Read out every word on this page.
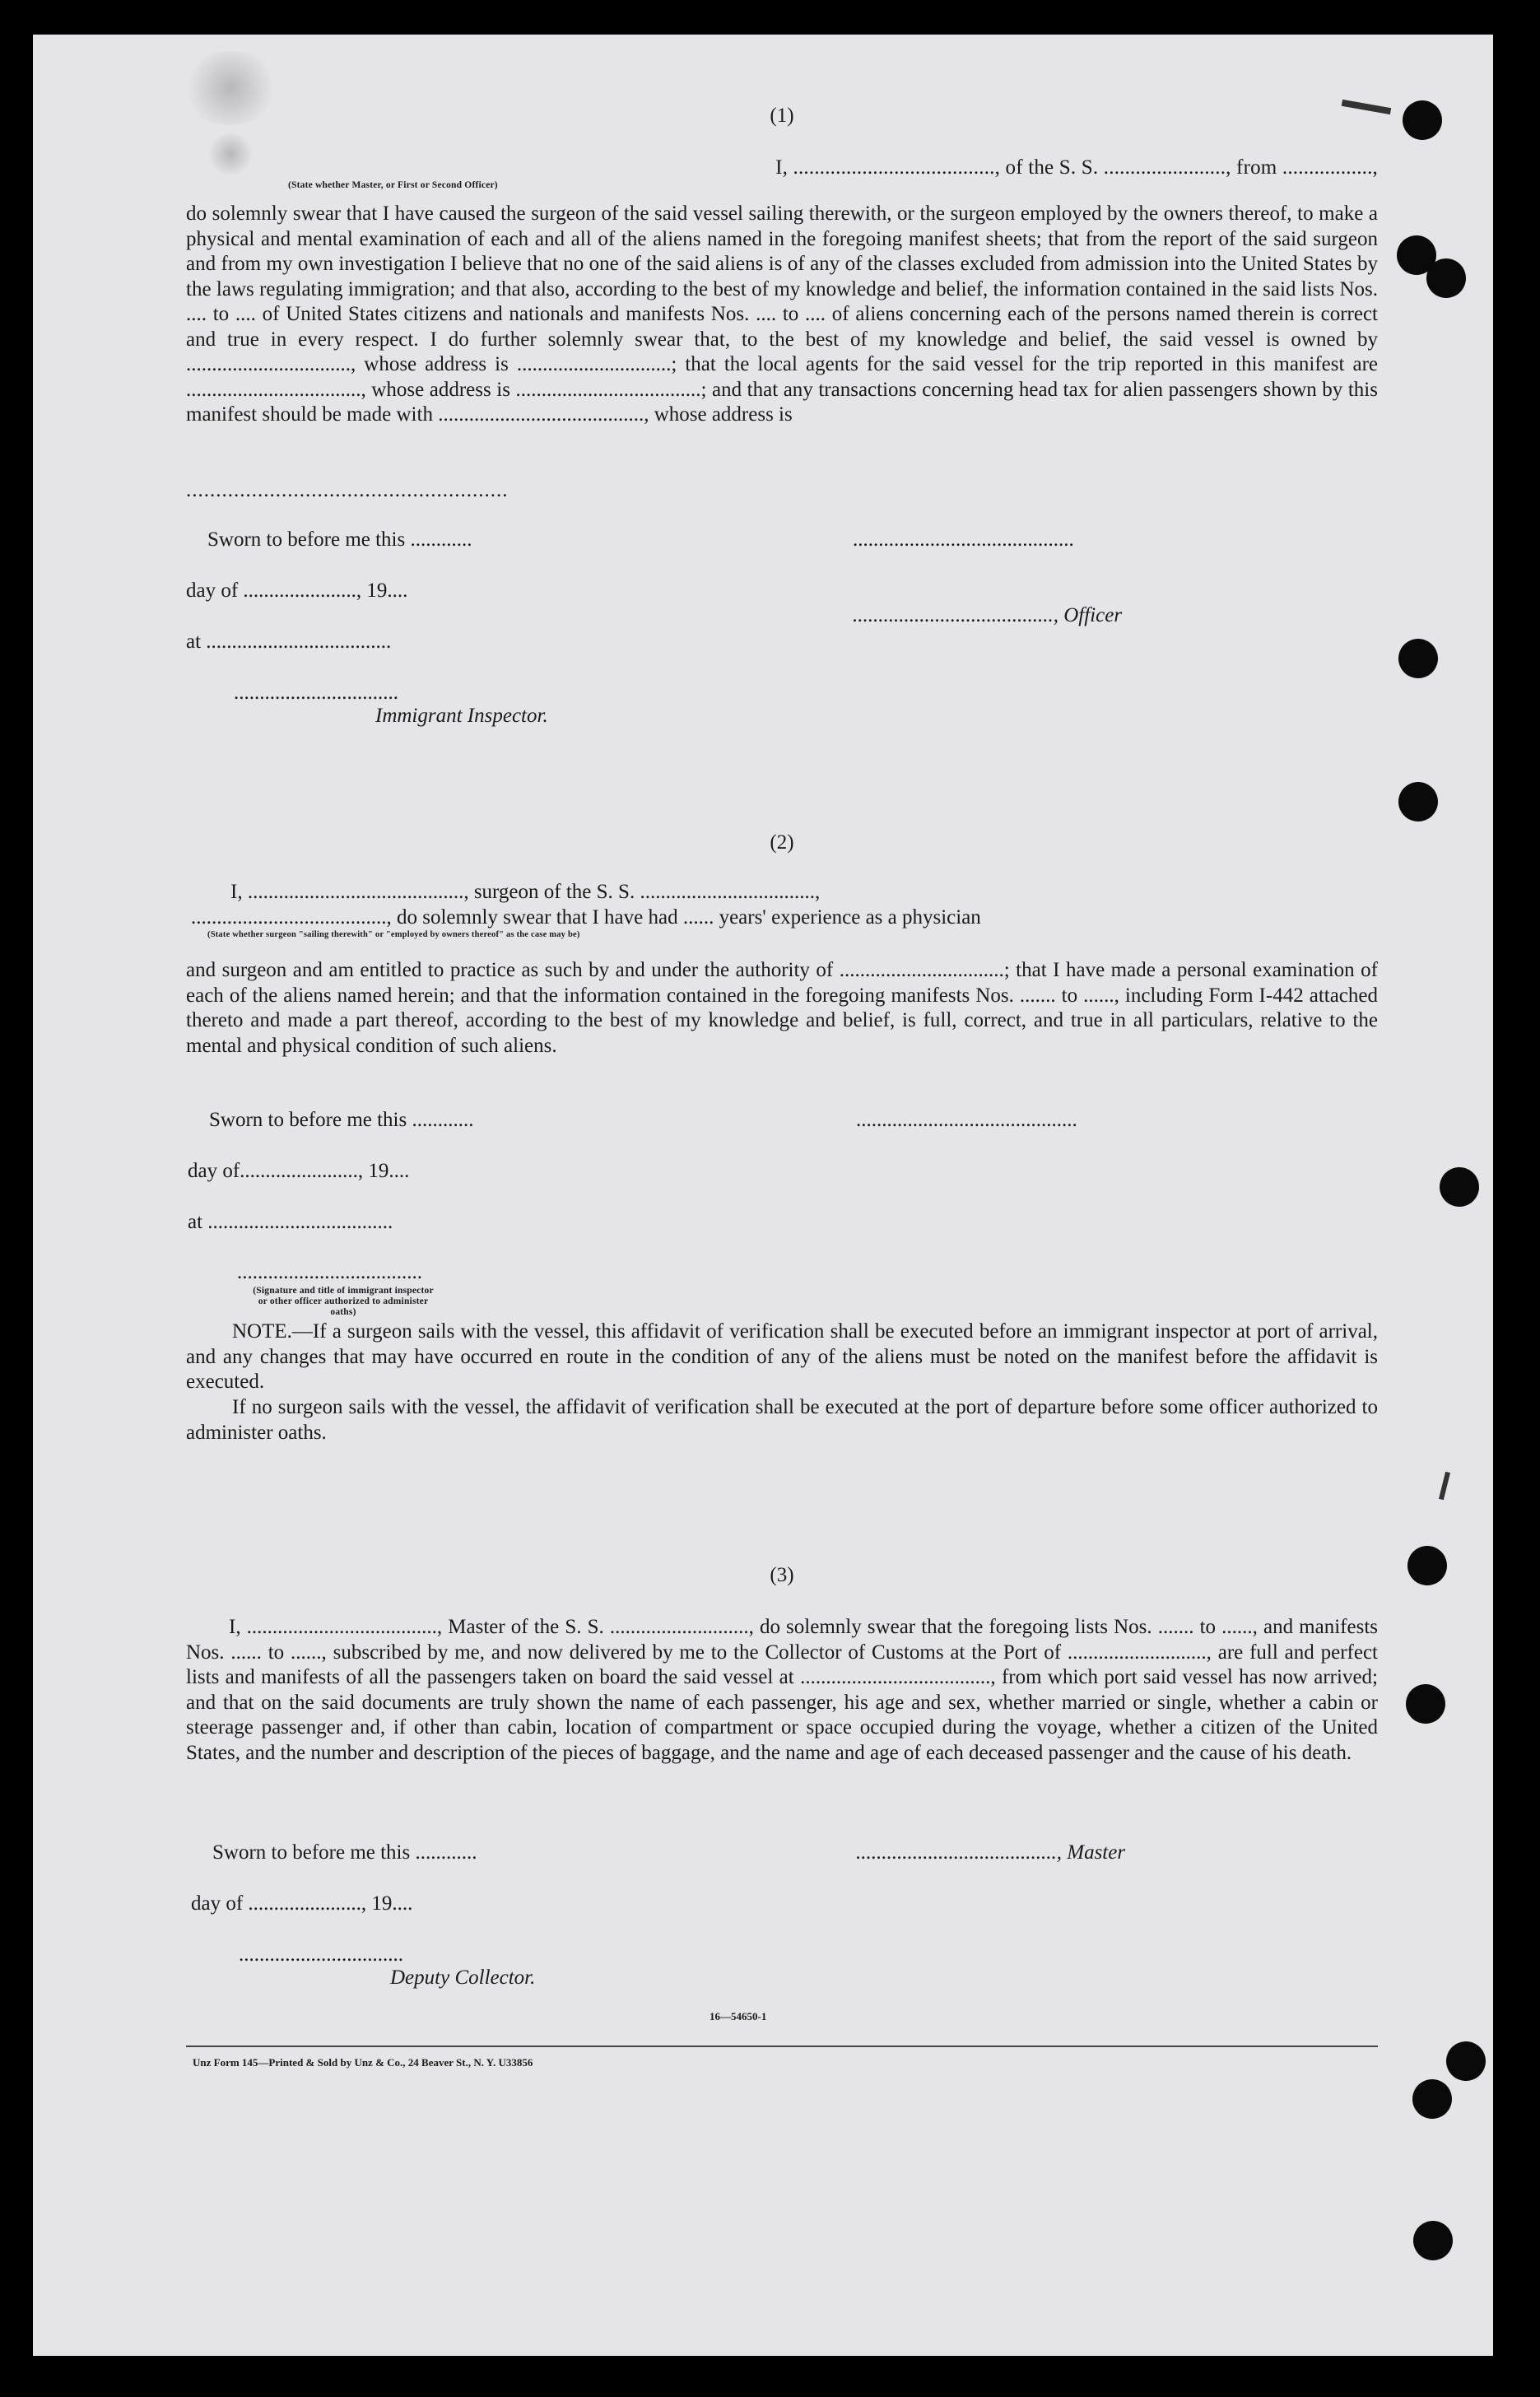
(1)
I, ......................................, of the S. S. ......................., from .................,
(State whether Master, or First or Second Officer)
do solemnly swear that I have caused the surgeon of the said vessel sailing therewith, or the surgeon employed by the owners thereof, to make a physical and mental examination of each and all of the aliens named in the foregoing manifest sheets; that from the report of the said surgeon and from my own investigation I believe that no one of the said aliens is of any of the classes excluded from admission into the United States by the laws regulating immigration; and that also, according to the best of my knowledge and belief, the information contained in the said lists Nos. .... to .... of United States citizens and nationals and manifests Nos. .... to .... of aliens concerning each of the persons named therein is correct and true in every respect. I do further solemnly swear that, to the best of my knowledge and belief, the said vessel is owned by ................................, whose address is ..............................; that the local agents for the said vessel for the trip reported in this manifest are .................................., whose address is ....................................; and that any transactions concerning head tax for alien passengers shown by this manifest should be made with ........................................, whose address is
......................................................
Sworn to before me this ............	...........................................
day of ......................, 19....
......................................., Officer
at ....................................
................................
Immigrant Inspector.
(2)
I, .........................................., surgeon of the S. S. ..................................,
......................................, do solemnly swear that I have had ...... years' experience as a physician
(State whether surgeon "sailing therewith" or "employed by owners thereof" as the case may be)
and surgeon and am entitled to practice as such by and under the authority of ................................; that I have made a personal examination of each of the aliens named herein; and that the information contained in the foregoing manifests Nos. ....... to ......, including Form I-442 attached thereto and made a part thereof, according to the best of my knowledge and belief, is full, correct, and true in all particulars, relative to the mental and physical condition of such aliens.
Sworn to before me this ............	...........................................
day of......................., 19....
at ....................................
....................................
(Signature and title of immigrant inspector or other officer authorized to administer oaths)
NOTE.—If a surgeon sails with the vessel, this affidavit of verification shall be executed before an immigrant inspector at port of arrival, and any changes that may have occurred en route in the condition of any of the aliens must be noted on the manifest before the affidavit is executed.
If no surgeon sails with the vessel, the affidavit of verification shall be executed at the port of departure before some officer authorized to administer oaths.
(3)
I, ....................................., Master of the S. S. ..........................., do solemnly swear that the foregoing lists Nos. ....... to ......, and manifests Nos. ...... to ......, subscribed by me, and now delivered by me to the Collector of Customs at the Port of ..........................., are full and perfect lists and manifests of all the passengers taken on board the said vessel at ....................................., from which port said vessel has now arrived; and that on the said documents are truly shown the name of each passenger, his age and sex, whether married or single, whether a cabin or steerage passenger and, if other than cabin, location of compartment or space occupied during the voyage, whether a citizen of the United States, and the number and description of the pieces of baggage, and the name and age of each deceased passenger and the cause of his death.
Sworn to before me this ............	......................................., Master
day of ......................, 19....
................................
Deputy Collector.
16—54650-1
Unz Form 145—Printed & Sold by Unz & Co., 24 Beaver St., N. Y. U33856
